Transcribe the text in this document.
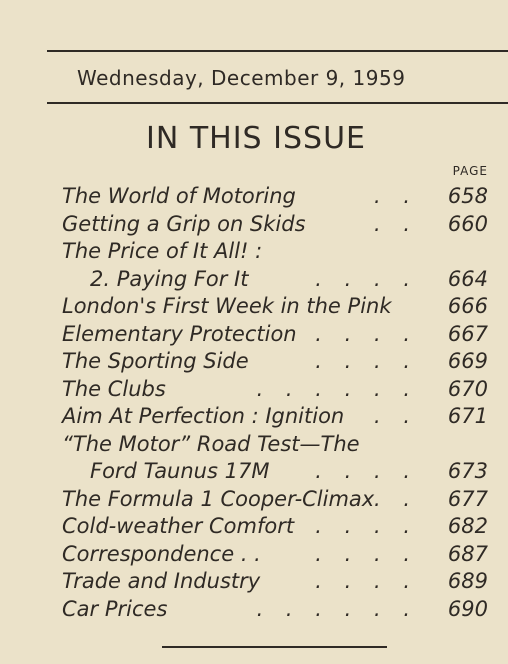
Wednesday, December 9, 1959
IN THIS ISSUE
PAGE
The World of Motoring	. . 658
Getting a Grip on Skids	. . 660
The Price of It All! :
2. Paying For It	. . . . 664
London's First Week in the Pink	666
Elementary Protection . . . . 667
The Sporting Side	. . . . 669
The Clubs	. . . . . . 670
Aim At Perfection : Ignition . . 671
“The Motor” Road Test—The
Ford Taunus 17M . . . . 673
The Formula 1 Cooper-Climax . . 677
Cold-weather Comfort . . . . 682
Correspondence . .	. . . . 687
Trade and Industry	. . . . 689
Car Prices	. . . . . . 690
